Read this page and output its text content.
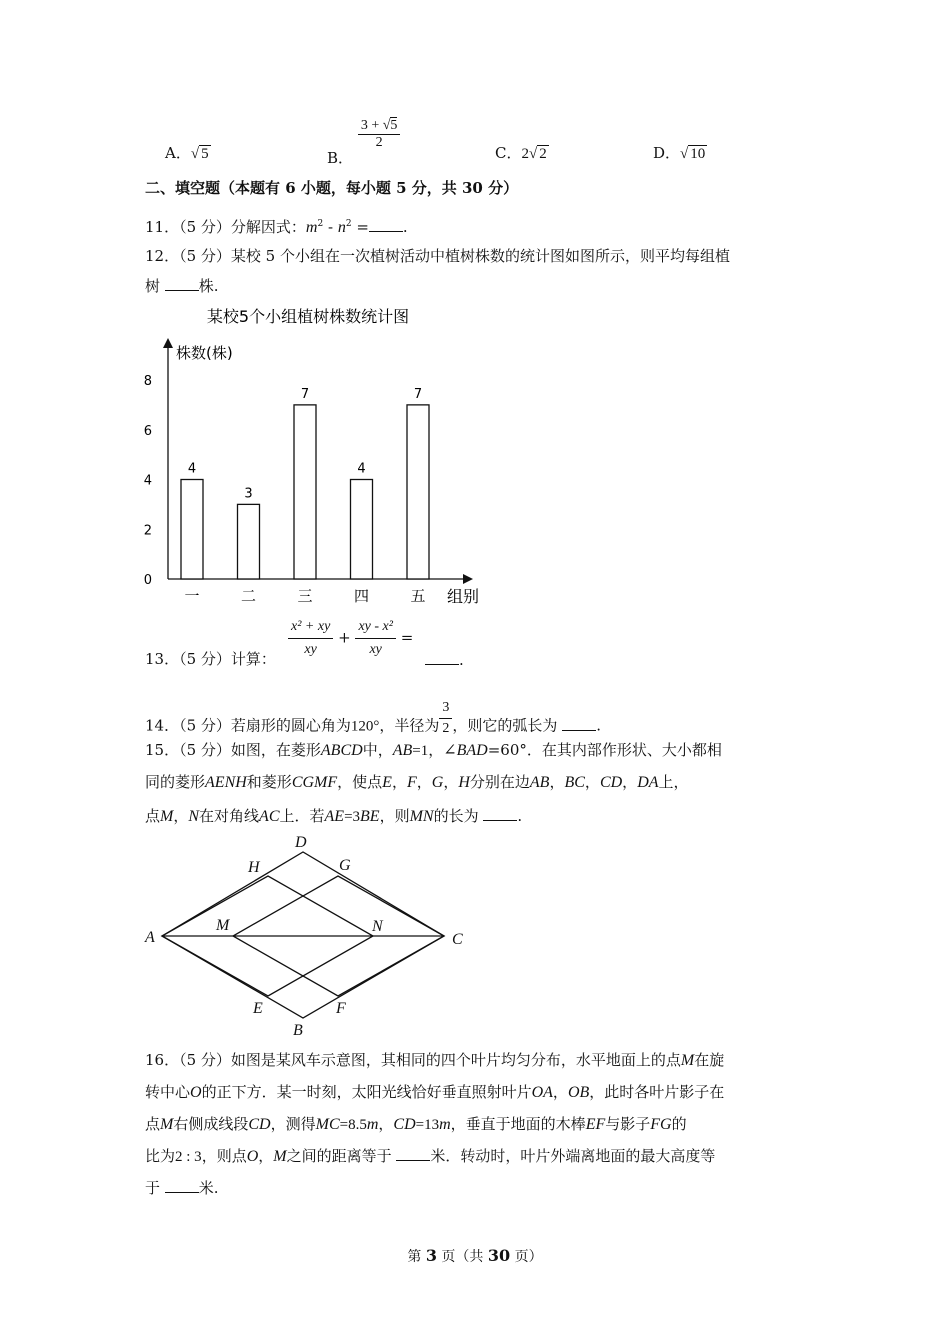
A．√ 5	B．
$\frac{3 + √5}{2}$
C．2√ 2	D．√ 10
二、填空题（本题有 6 小题，每小题 5 分，共 30 分）
11．（5 分）分解因式：$m^2 - n^2$ = .
12．（5 分）某校 5 个小组在一次植树活动中植树株数的统计图如图所示，则平均每组植
树 株.
某校5个小组植树株数统计图
株数(株)
组别
0
2
4
6
8
4
一
3
二
7
三
4
四
7
五
13．（5 分）计算： $\frac{\text{x² + xy}}{xy} + \frac{\text{xy - x²}}{xy}$ =
.
14．（5 分）若扇形的圆心角为120°，半径为 $\frac{3}{2}$ ，则它的弧长为 .
15．（5 分）如图，在菱形ABCD中，AB=1，∠BAD=60°．在其内部作形状、大小都相
同的菱形AENH和菱形CGMF，使点E，F，G，H分别在边AB，BC，CD，DA上，
点M，N在对角线AC上．若AE=3BE，则MN的长为 .
A
B
C
D
E	F
G
H
M	N
16．（5 分）如图是某风车示意图，其相同的四个叶片均匀分布，水平地面上的点M在旋
转中心O的正下方．某一时刻，太阳光线恰好垂直照射叶片OA，OB，此时各叶片影子在
点M右侧成线段CD，测得MC=8.5m，CD=13m，垂直于地面的木棒EF与影子FG的
比为2 : 3，则点O，M之间的距离等于 米．转动时，叶片外端离地面的最大高度等
于 米.
第 3 页（共 30 页）
